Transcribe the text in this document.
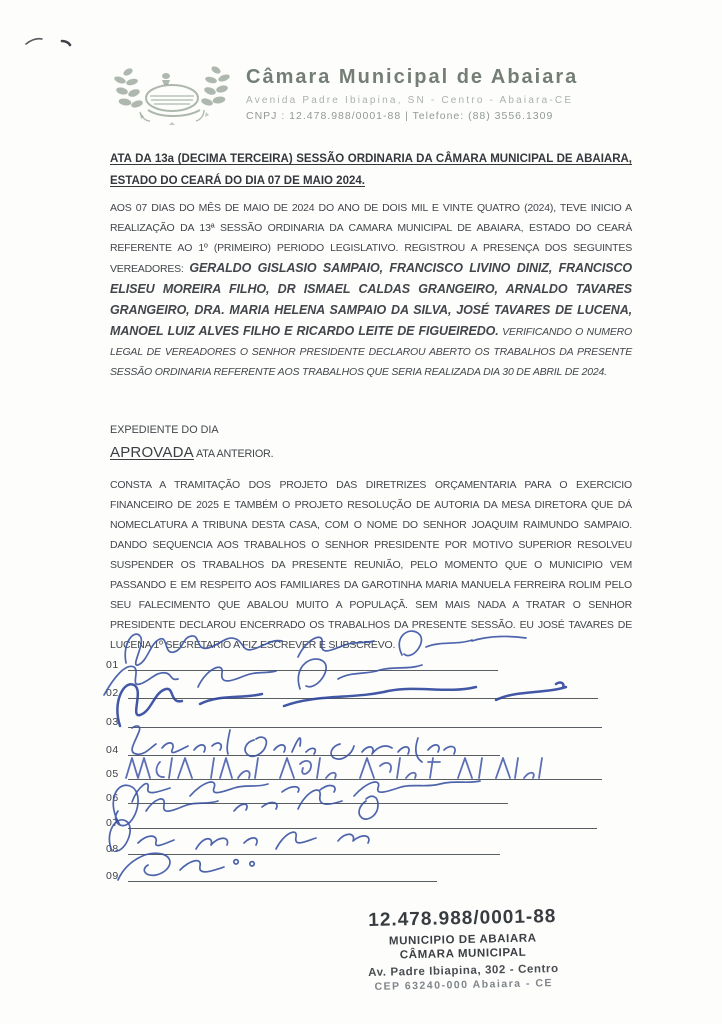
Câmara Municipal de Abaiara
Avenida Padre Ibiapina, SN - Centro - Abaiara-CE
CNPJ : 12.478.988/0001-88 | Telefone: (88) 3556.1309
ATA DA 13a (DECIMA TERCEIRA) SESSÃO ORDINARIA DA CÂMARA MUNICIPAL DE ABAIARA, ESTADO DO CEARÁ DO DIA 07 DE MAIO 2024.
AOS 07 DIAS DO MÊS DE MAIO DE 2024 DO ANO DE DOIS MIL E VINTE QUATRO (2024), TEVE INICIO A REALIZAÇÃO DA 13ª SESSÃO ORDINARIA DA CAMARA MUNICIPAL DE ABAIARA, ESTADO DO CEARÁ REFERENTE AO 1º (PRIMEIRO) PERIODO LEGISLATIVO. REGISTROU A PRESENÇA DOS SEGUINTES VEREADORES: GERALDO GISLASIO SAMPAIO, FRANCISCO LIVINO DINIZ, FRANCISCO ELISEU MOREIRA FILHO, DR ISMAEL CALDAS GRANGEIRO, ARNALDO TAVARES GRANGEIRO, DRA. MARIA HELENA SAMPAIO DA SILVA, JOSÉ TAVARES DE LUCENA, MANOEL LUIZ ALVES FILHO E RICARDO LEITE DE FIGUEIREDO. VERIFICANDO O NUMERO LEGAL DE VEREADORES O SENHOR PRESIDENTE DECLAROU ABERTO OS TRABALHOS DA PRESENTE SESSÃO ORDINARIA REFERENTE AOS TRABALHOS QUE SERIA REALIZADA DIA 30 DE ABRIL DE 2024.
EXPEDIENTE DO DIA
APROVADA ATA ANTERIOR.
CONSTA A TRAMITAÇÃO DOS PROJETO DAS DIRETRIZES ORÇAMENTARIA PARA O EXERCICIO FINANCEIRO DE 2025 E TAMBÉM O PROJETO RESOLUÇÃO DE AUTORIA DA MESA DIRETORA QUE DÁ NOMECLATURA A TRIBUNA DESTA CASA, COM O NOME DO SENHOR JOAQUIM RAIMUNDO SAMPAIO. DANDO SEQUENCIA AOS TRABALHOS O SENHOR PRESIDENTE POR MOTIVO SUPERIOR RESOLVEU SUSPENDER OS TRABALHOS DA PRESENTE REUNIÃO, PELO MOMENTO QUE O MUNICIPIO VEM PASSANDO E EM RESPEITO AOS FAMILIARES DA GAROTINHA MARIA MANUELA FERREIRA ROLIM PELO SEU FALECIMENTO QUE ABALOU MUITO A POPULAÇÃ. SEM MAIS NADA A TRATAR O SENHOR PRESIDENTE DECLAROU ENCERRADO OS TRABALHOS DA PRESENTE SESSÃO. EU JOSÉ TAVARES DE LUCENA 1º SECRETARIO A FIZ ESCREVER E SUBSCREVO.
01
02
03
04
05
06
07
08
09
12.478.988/0001-88
MUNICIPIO DE ABAIARA
CÂMARA MUNICIPAL
Av. Padre Ibiapina, 302 - Centro
CEP 63240-000 Abaiara - CE
